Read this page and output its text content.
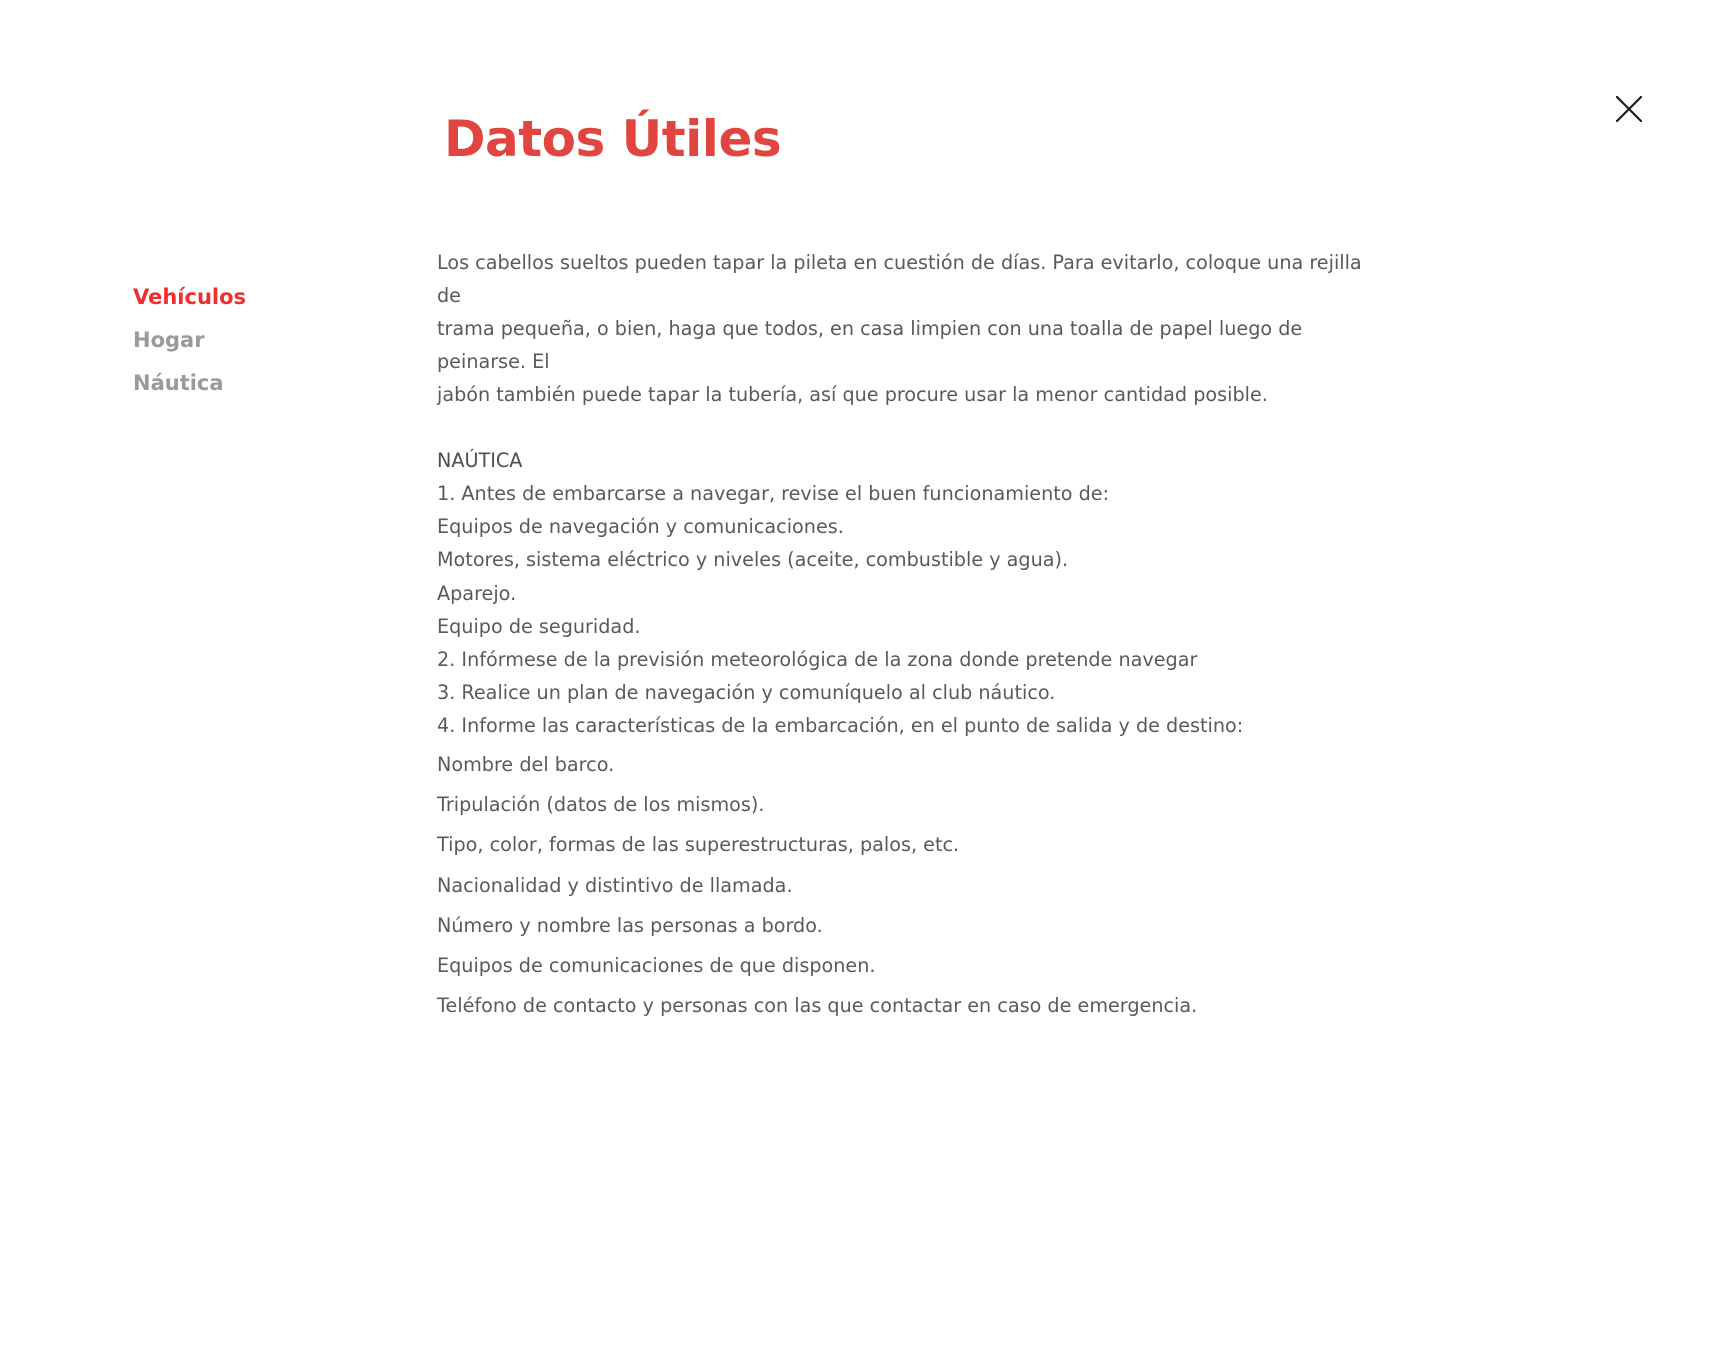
Datos Útiles
Vehículos
Hogar
Náutica

Los cabellos sueltos pueden tapar la pileta en cuestión de días. Para evitarlo, coloque una rejilla de
trama pequeña, o bien, haga que todos, en casa limpien con una toalla de papel luego de peinarse. El
jabón también puede tapar la tubería, así que procure usar la menor cantidad posible.

NAÚTICA

1. Antes de embarcarse a navegar, revise el buen funcionamiento de:

Equipos de navegación y comunicaciones.

Motores, sistema eléctrico y niveles (aceite, combustible y agua).

Aparejo.

Equipo de seguridad.

2. Infórmese de la previsión meteorológica de la zona donde pretende navegar

3. Realice un plan de navegación y comuníquelo al club náutico.

4. Informe las características de la embarcación, en el punto de salida y de destino:

Nombre del barco.

Tripulación (datos de los mismos).

Tipo, color, formas de las superestructuras, palos, etc.

Nacionalidad y distintivo de llamada.

Número y nombre las personas a bordo.

Equipos de comunicaciones de que disponen.

Teléfono de contacto y personas con las que contactar en caso de emergencia.
